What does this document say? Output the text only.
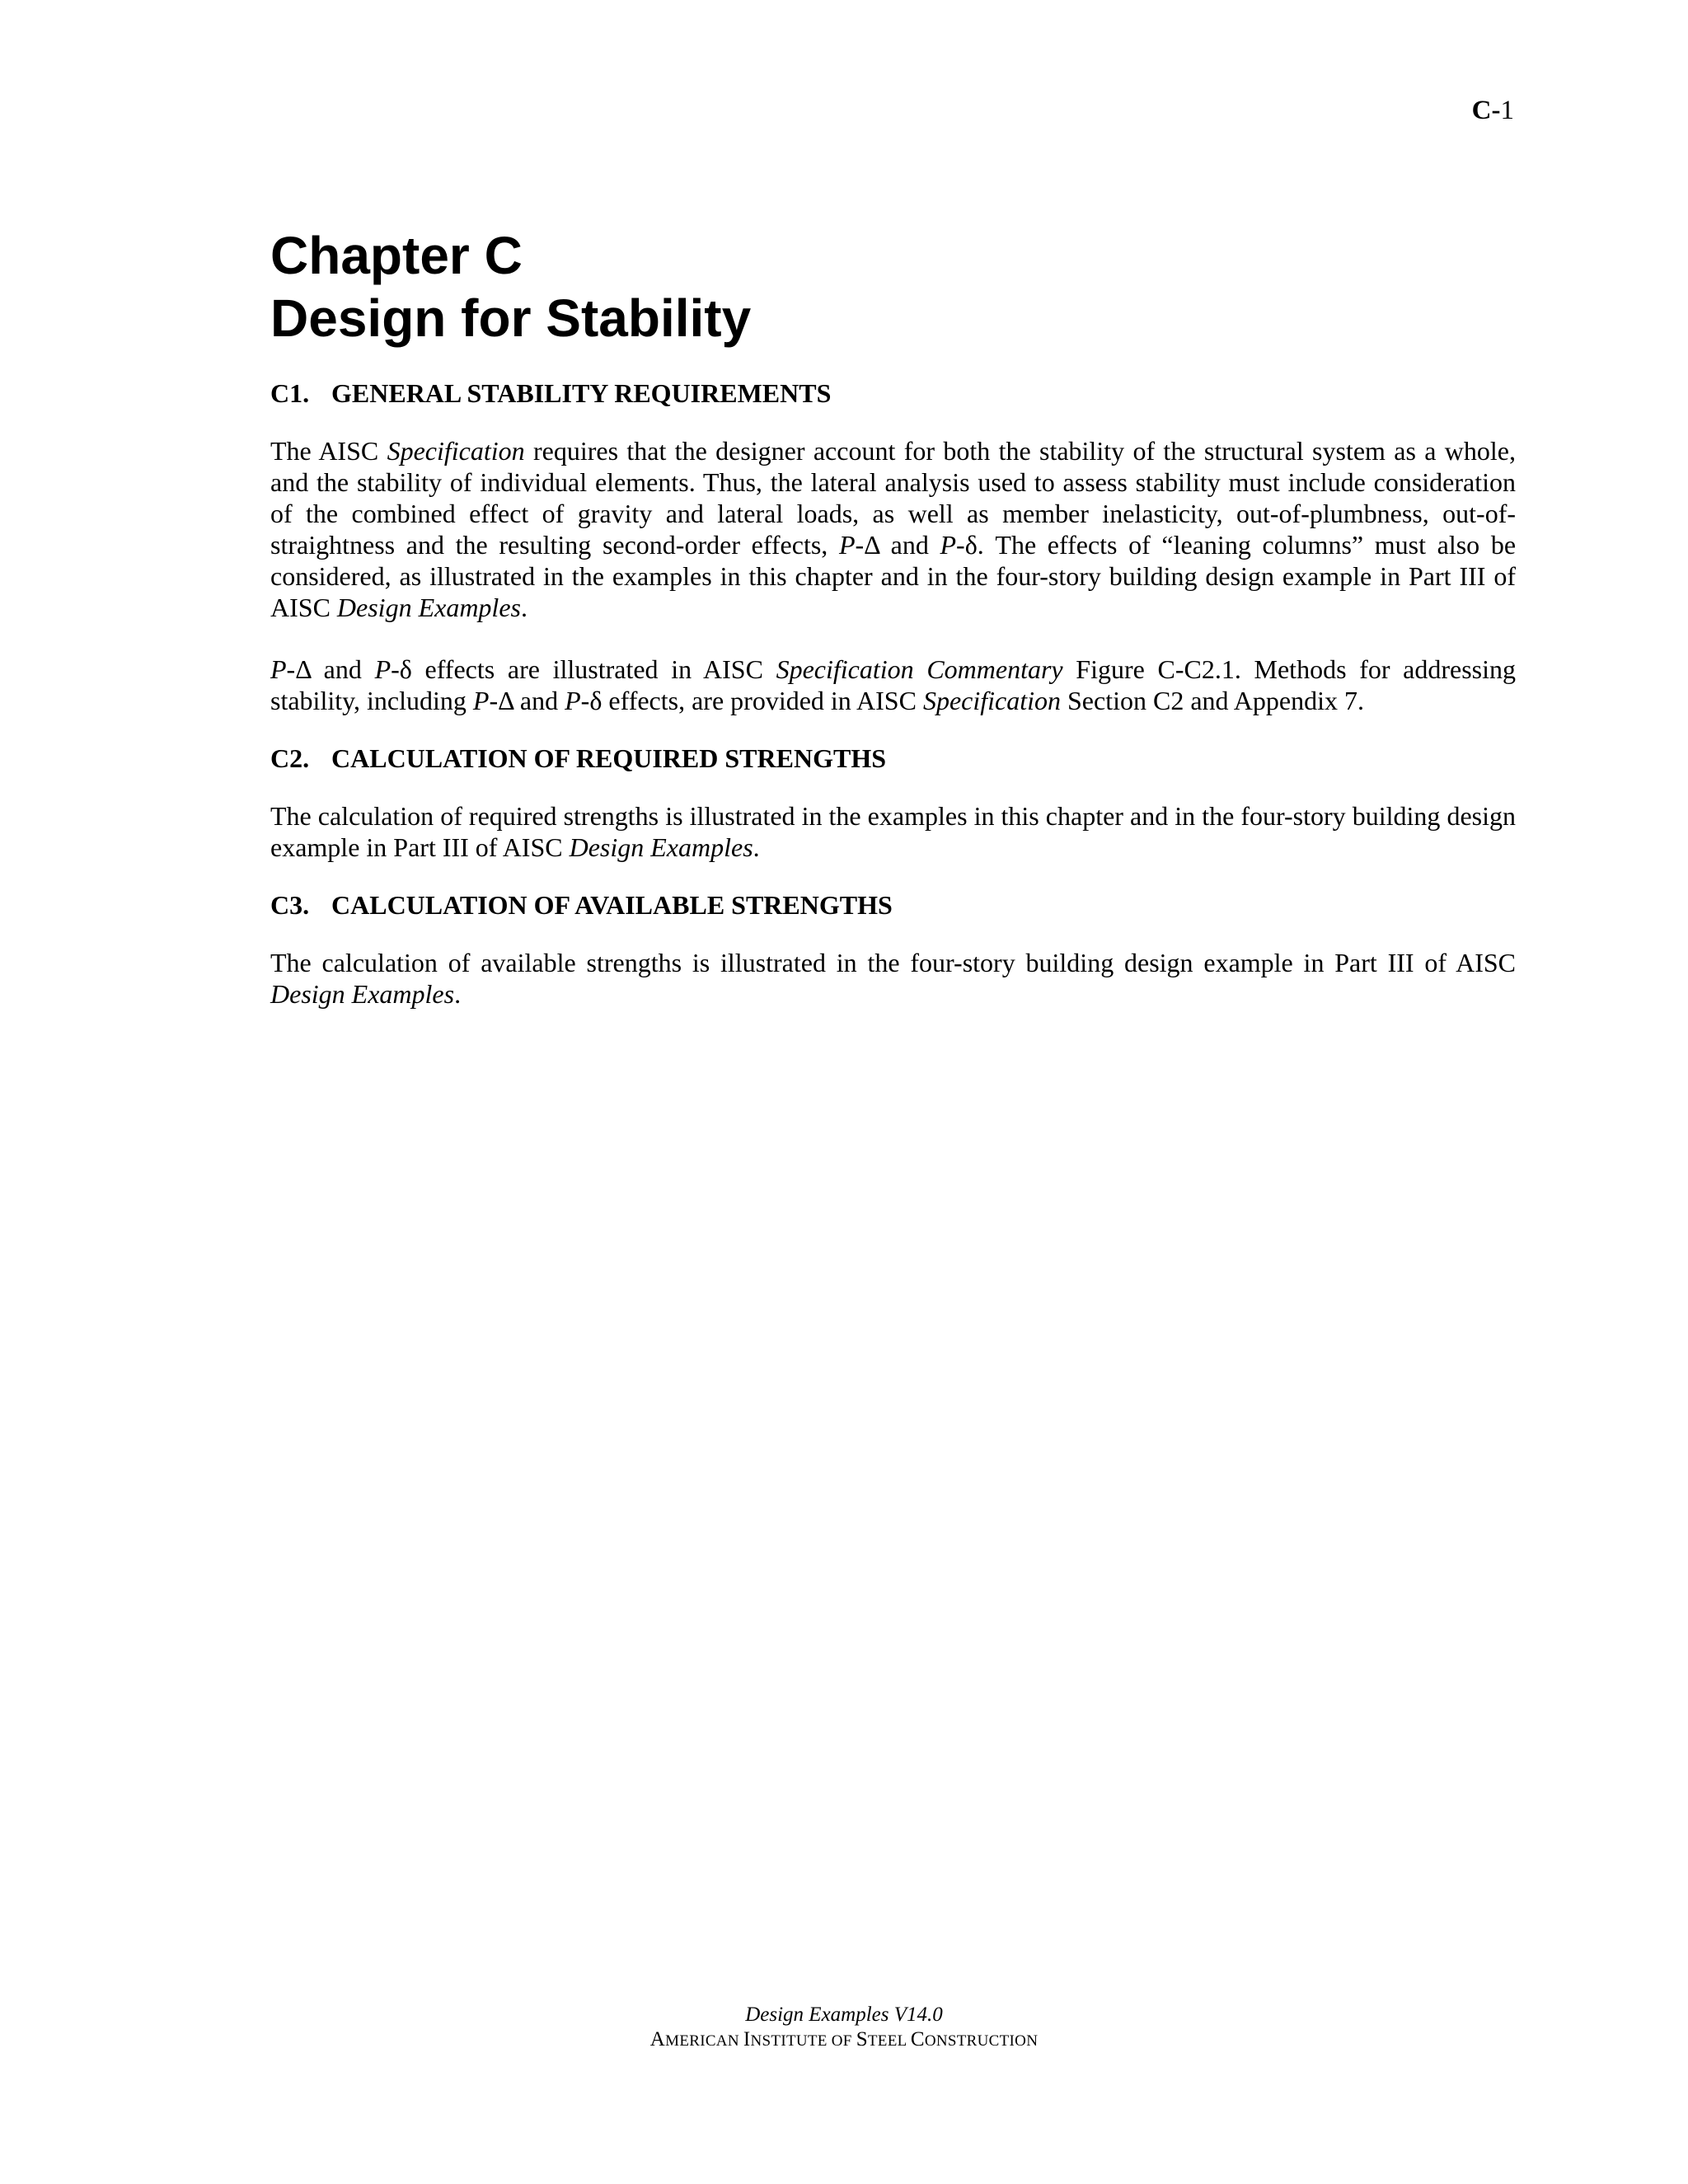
C-1
Chapter C
Design for Stability
C1. GENERAL STABILITY REQUIREMENTS

The AISC Specification requires that the designer account for both the stability of the structural system as a whole, and the stability of individual elements. Thus, the lateral analysis used to assess stability must include consideration of the combined effect of gravity and lateral loads, as well as member inelasticity, out-of-plumbness, out-of-straightness and the resulting second-order effects, P-Δ and P-δ. The effects of “leaning columns” must also be considered, as illustrated in the examples in this chapter and in the four-story building design example in Part III of AISC Design Examples.

P-Δ and P-δ effects are illustrated in AISC Specification Commentary Figure C-C2.1. Methods for addressing stability, including P-Δ and P-δ effects, are provided in AISC Specification Section C2 and Appendix 7.

C2. CALCULATION OF REQUIRED STRENGTHS

The calculation of required strengths is illustrated in the examples in this chapter and in the four-story building design example in Part III of AISC Design Examples.

C3. CALCULATION OF AVAILABLE STRENGTHS

The calculation of available strengths is illustrated in the four-story building design example in Part III of AISC Design Examples.

Design Examples V14.0
AMERICAN INSTITUTE OF STEEL CONSTRUCTION
